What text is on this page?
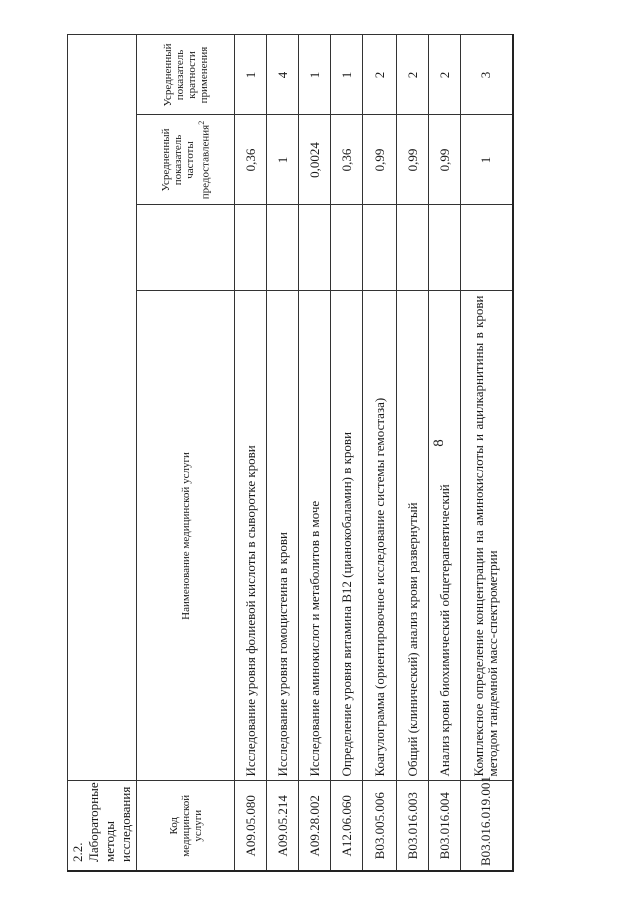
8
2.2. Лабораторные методы исследования				
Код медицинской услуги	Наименование медицинской услуги		Усредненный показатель частоты предоставления$^2$	Усредненный показатель кратности применения
A09.05.080	Исследование уровня фолиевой кислоты в сыворотке крови		0,36	1
A09.05.214	Исследование уровня гомоцистеина в крови		1	4
A09.28.002	Исследование аминокислот и метаболитов в моче		0,0024	1
A12.06.060	Определение уровня витамина B12 (цианокобаламин) в крови		0,36	1
B03.005.006	Коагулограмма (ориентировочное исследование системы гемостаза)		0,99	2
B03.016.003	Общий (клинический) анализ крови развернутый		0,99	2
B03.016.004	Анализ крови биохимический общетерапевтический		0,99	2
B03.016.019.001	Комплексное определение концентрации на аминокислоты и ацилкарнитины в крови методом тандемной масс-спектрометрии		1	3
